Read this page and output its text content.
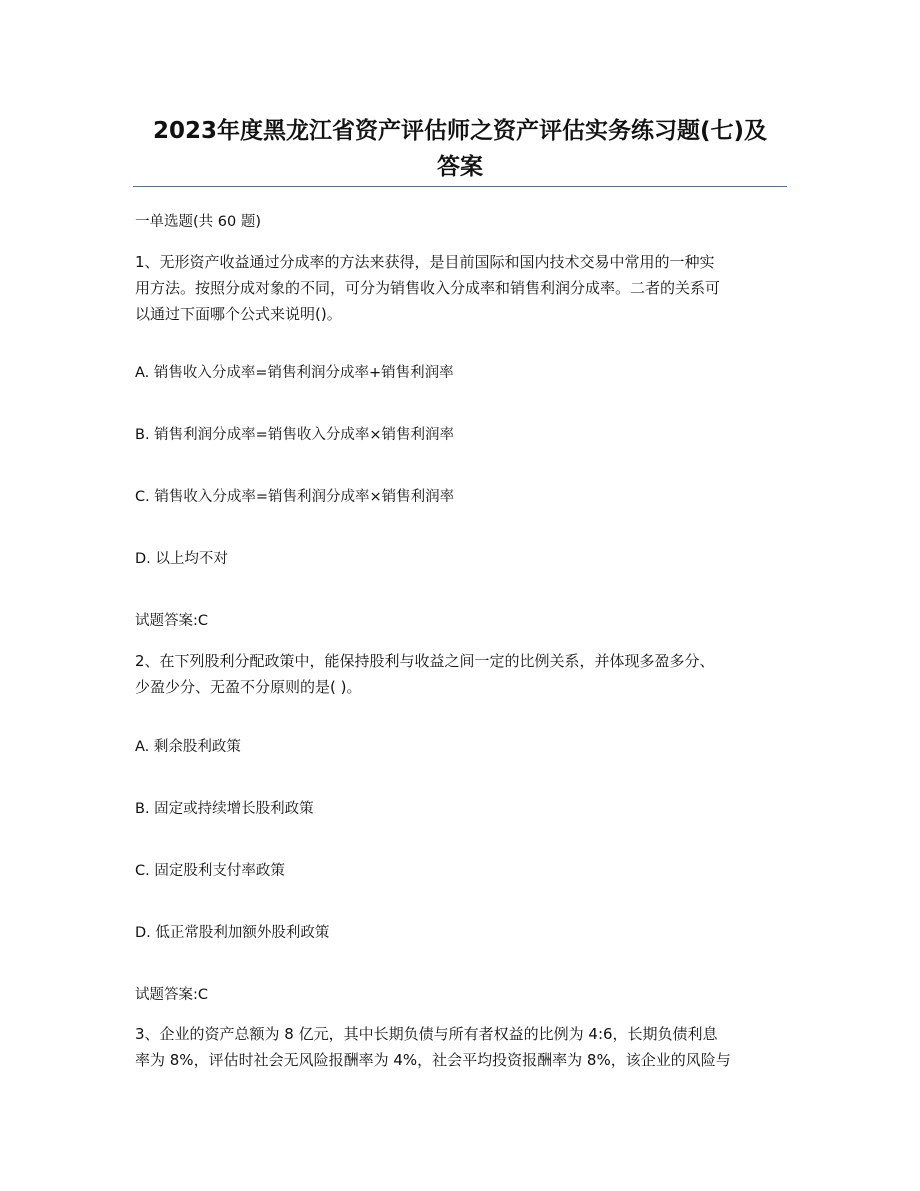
2023年度黑龙江省资产评估师之资产评估实务练习题(七)及
答案
一单选题(共 60 题)
1、无形资产收益通过分成率的方法来获得，是目前国际和国内技术交易中常用的一种实
用方法。按照分成对象的不同，可分为销售收入分成率和销售利润分成率。二者的关系可
以通过下面哪个公式来说明()。
A. 销售收入分成率=销售利润分成率+销售利润率
B. 销售利润分成率=销售收入分成率×销售利润率
C. 销售收入分成率=销售利润分成率×销售利润率
D. 以上均不对
试题答案:C
2、在下列股利分配政策中，能保持股利与收益之间一定的比例关系，并体现多盈多分、
少盈少分、无盈不分原则的是( )。
A. 剩余股利政策
B. 固定或持续增长股利政策
C. 固定股利支付率政策
D. 低正常股利加额外股利政策
试题答案:C
3、企业的资产总额为 8 亿元，其中长期负债与所有者权益的比例为 4:6，长期负债利息
率为 8%，评估时社会无风险报酬率为 4%，社会平均投资报酬率为 8%，该企业的风险与
